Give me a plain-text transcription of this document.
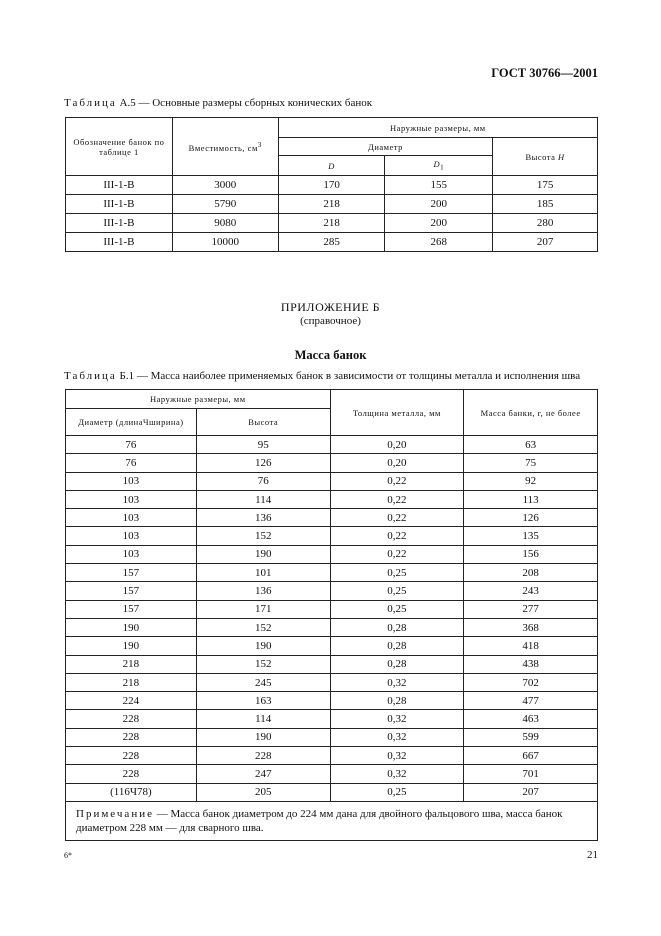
ГОСТ 30766—2001
Таблица А.5 — Основные размеры сборных конических банок
Обозначение банок по таблице 1	Вместимость, $см^3$	Наружные размеры, мм		
		Диаметр		Высота H
		D	$D_1$
III-1-В	3000	170	155	175
III-1-В	5790	218	200	185
III-1-В	9080	218	200	280
III-1-В	10000	285	268	207
ПРИЛОЖЕНИЕ Б
(справочное)
Масса банок
Таблица Б.1 — Масса наиболее применяемых банок в зависимости от толщины металла и исполнения шва
Наружные размеры, мм		Толщина металла, мм	Масса банки, г, не более
Диаметр (длинаЧширина)	Высота		
76	95	0,20	63
76	126	0,20	75
103	76	0,22	92
103	114	0,22	113
103	136	0,22	126
103	152	0,22	135
103	190	0,22	156
157	101	0,25	208
157	136	0,25	243
157	171	0,25	277
190	152	0,28	368
190	190	0,28	418
218	152	0,28	438
218	245	0,32	702
224	163	0,28	477
228	114	0,32	463
228	190	0,32	599
228	228	0,32	667
228	247	0,32	701
(116Ч78)	205	0,25	207
Примечание — Масса банок диаметром до 224 мм дана для двойного фальцового шва, масса банок диаметром 228 мм — для сварного шва.			
6*	21
